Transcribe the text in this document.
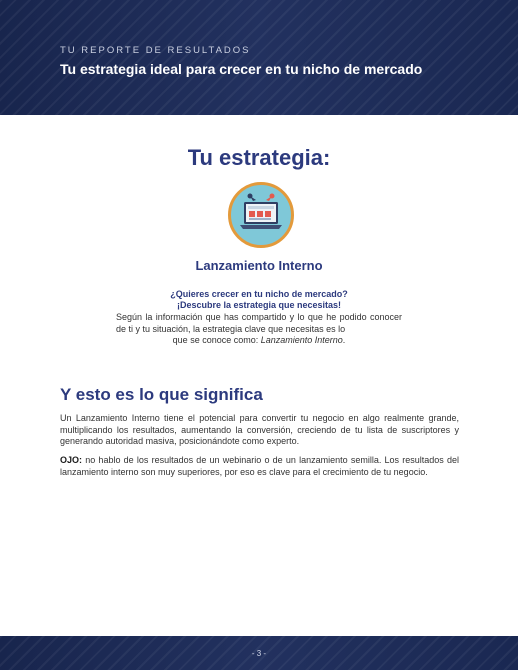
TU REPORTE DE RESULTADOS
Tu estrategia ideal para crecer en tu nicho de mercado
Tu estrategia:
Lanzamiento Interno
¿Quieres crecer en tu nicho de mercado?
¡Descubre la estrategia que necesitas!
Según la información que has compartido y lo que he podido conocer de ti y tu situación, la estrategia clave que necesitas es lo
que se conoce como: Lanzamiento Interno.
Y esto es lo que significa

Un Lanzamiento Interno tiene el potencial para convertir tu negocio en algo realmente grande, multiplicando los resultados, aumentando la conversión, creciendo de tu lista de suscriptores y generando autoridad masiva, posicionándote como experto.

OJO: no hablo de los resultados de un webinario o de un lanzamiento semilla. Los resultados del lanzamiento interno son muy superiores, por eso es clave para el crecimiento de tu negocio.

- 3 -
